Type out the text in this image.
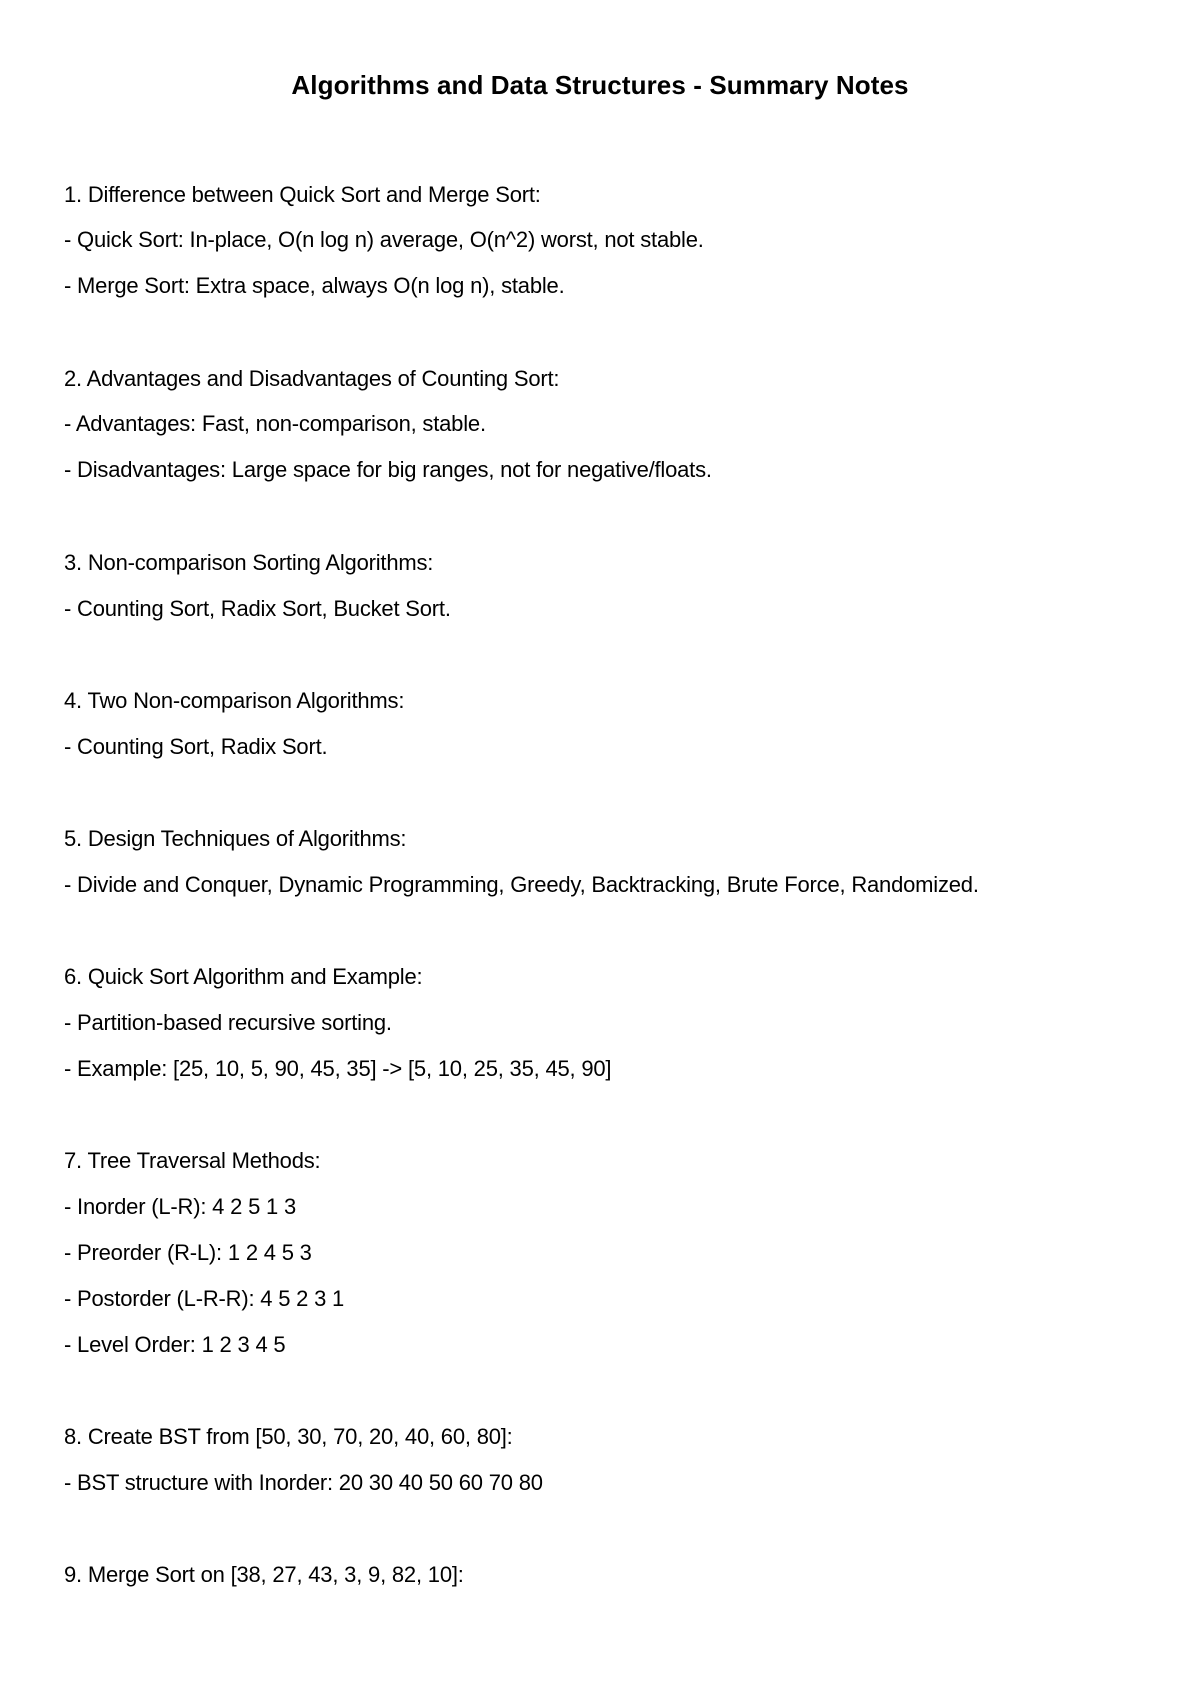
Algorithms and Data Structures - Summary Notes
1. Difference between Quick Sort and Merge Sort:
- Quick Sort: In-place, O(n log n) average, O(n^2) worst, not stable.
- Merge Sort: Extra space, always O(n log n), stable.
2. Advantages and Disadvantages of Counting Sort:
- Advantages: Fast, non-comparison, stable.
- Disadvantages: Large space for big ranges, not for negative/floats.
3. Non-comparison Sorting Algorithms:
- Counting Sort, Radix Sort, Bucket Sort.
4. Two Non-comparison Algorithms:
- Counting Sort, Radix Sort.
5. Design Techniques of Algorithms:
- Divide and Conquer, Dynamic Programming, Greedy, Backtracking, Brute Force, Randomized.
6. Quick Sort Algorithm and Example:
- Partition-based recursive sorting.
- Example: [25, 10, 5, 90, 45, 35] -> [5, 10, 25, 35, 45, 90]
7. Tree Traversal Methods:
- Inorder (L-R): 4 2 5 1 3
- Preorder (R-L): 1 2 4 5 3
- Postorder (L-R-R): 4 5 2 3 1
- Level Order: 1 2 3 4 5
8. Create BST from [50, 30, 70, 20, 40, 60, 80]:
- BST structure with Inorder: 20 30 40 50 60 70 80
9. Merge Sort on [38, 27, 43, 3, 9, 82, 10]:
